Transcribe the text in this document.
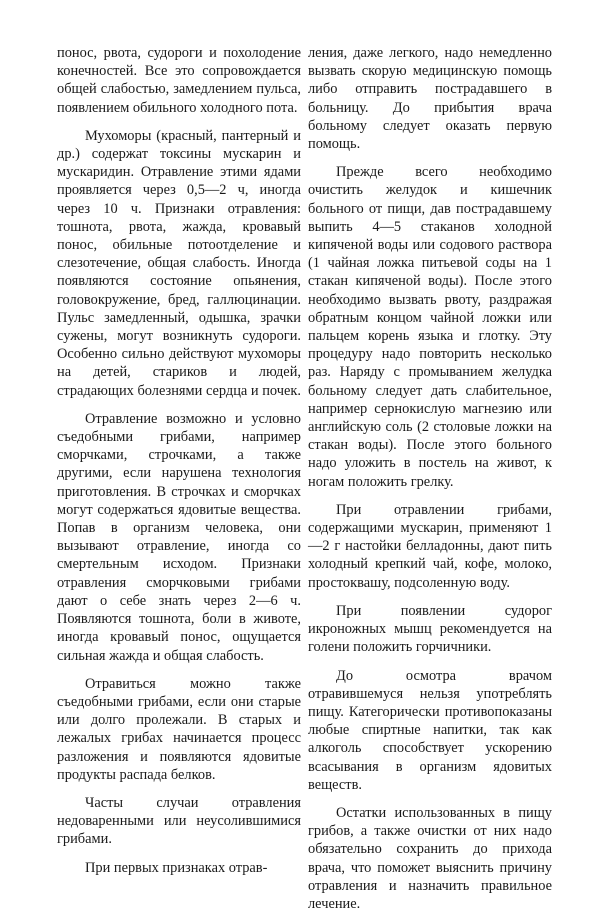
понос, рвота, судороги и похолодение конечностей. Все это сопровождается общей слабостью, замедлением пульса, появлением обильного холодного пота.

Мухоморы (красный, пантерный и др.) содержат токсины мускарин и мускаридин. Отравление этими ядами проявляется через 0,5—2 ч, иногда через 10 ч. Признаки отравления: тошнота, рвота, жажда, кровавый понос, обильные потоотделение и слезотечение, общая слабость. Иногда появляются состояние опьянения, головокружение, бред, галлюцинации. Пульс замедленный, одышка, зрачки сужены, могут возникнуть судороги. Особенно сильно действуют мухоморы на детей, стариков и людей, страдающих болезнями сердца и почек.

Отравление возможно и условно съедобными грибами, например сморчками, строчками, а также другими, если нарушена технология приготовления. В строчках и сморчках могут содержаться ядовитые вещества. Попав в организм человека, они вызывают отравление, иногда со смертельным исходом. Признаки отравления сморчковыми грибами дают о себе знать через 2—6 ч. Появляются тошнота, боли в животе, иногда кровавый понос, ощущается сильная жажда и общая слабость.

Отравиться можно также съедобными грибами, если они старые или долго пролежали. В старых и лежалых грибах начинается процесс разложения и появляются ядовитые продукты распада белков.

Часты случаи отравления недоваренными или неусолившимися грибами.

При первых признаках отрав-

ления, даже легкого, надо немедленно вызвать скорую медицинскую помощь либо отправить пострадавшего в больницу. До прибытия врача больному следует оказать первую помощь.

Прежде всего необходимо очистить желудок и кишечник больного от пищи, дав пострадавшему выпить 4—5 стаканов холодной кипяченой воды или содового раствора (1 чайная ложка питьевой соды на 1 стакан кипяченой воды). После этого необходимо вызвать рвоту, раздражая обратным концом чайной ложки или пальцем корень языка и глотку. Эту процедуру надо повторить несколько раз. Наряду с промыванием желудка больному следует дать слабительное, например сернокислую магнезию или английскую соль (2 столовые ложки на стакан воды). После этого больного надо уложить в постель на живот, к ногам положить грелку.

При отравлении грибами, содержащими мускарин, применяют 1—2 г настойки белладонны, дают пить холодный крепкий чай, кофе, молоко, простоквашу, подсоленную воду.

При появлении судорог икроножных мышц рекомендуется на голени положить горчичники.

До осмотра врачом отравившемуся нельзя употреблять пищу. Категорически противопоказаны любые спиртные напитки, так как алкоголь способствует ускорению всасывания в организм ядовитых веществ.

Остатки использованных в пищу грибов, а также очистки от них надо обязательно сохранить до прихода врача, что поможет выяснить причину отравления и назначить правильное лечение.
